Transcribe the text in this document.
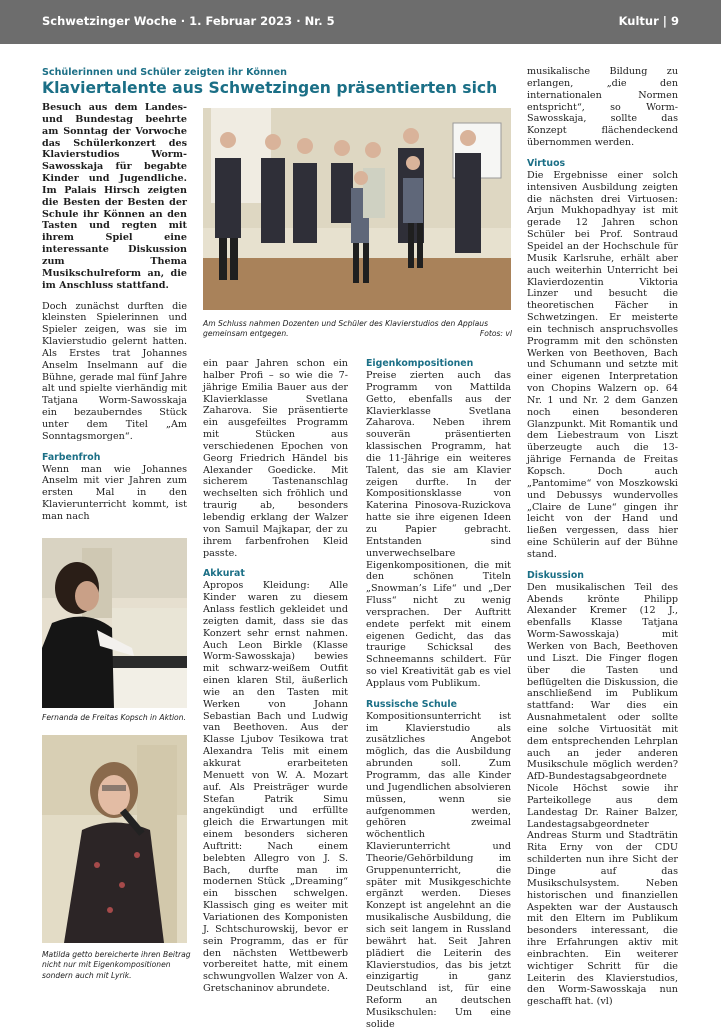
Schwetzinger Woche · 1. Februar 2023 · Nr. 5	Kultur | 9
Schülerinnen und Schüler zeigten ihr Können
Klaviertalente aus Schwetzingen präsentierten sich

Besuch aus dem Landes- und Bundestag beehrte am Sonntag der Vorwoche das Schülerkonzert des Klavierstudios Worm-Sawosskaja für begabte Kinder und Jugendliche. Im Palais Hirsch zeigten die Besten der Besten der Schule ihr Können an den Tasten und regten mit ihrem Spiel eine interessante Diskussion zum Thema Musikschulreform an, die im Anschluss stattfand.

Doch zunächst durften die kleinsten Spielerinnen und Spieler zeigen, was sie im Klavierstudio gelernt hatten. Als Erstes trat Johannes Anselm Inselmann auf die Bühne, gerade mal fünf Jahre alt und spielte vierhändig mit Tatjana Worm-Sawosskaja ein bezauberndes Stück unter dem Titel „Am Sonntagsmorgen“.

Farbenfroh

Wenn man wie Johannes Anselm mit vier Jahren zum ersten Mal in den Klavierunterricht kommt, ist man nach

Fernanda de Freitas Kopsch in Aktion.
Matilda getto bereicherte ihren Beitrag nicht nur mit Eigenkompositionen sondern auch mit Lyrik.
Am Schluss nahmen Dozenten und Schüler des Klavierstudios den Applaus gemeinsam entgegen.	Fotos: vl

ein paar Jahren schon ein halber Profi – so wie die 7-jährige Emilia Bauer aus der Klavierklasse Svetlana Zaharova. Sie präsentierte ein ausgefeiltes Programm mit Stücken aus verschiedenen Epochen von Georg Friedrich Händel bis Alexander Goedicke. Mit sicherem Tastenanschlag wechselten sich fröhlich und traurig ab, besonders lebendig erklang der Walzer von Samuil Majkapar, der zu ihrem farbenfrohen Kleid passte.

Akkurat

Apropos Kleidung: Alle Kinder waren zu diesem Anlass festlich gekleidet und zeigten damit, dass sie das Konzert sehr ernst nahmen. Auch Leon Birkle (Klasse Worm-Sawosskaja) bewies mit schwarz-weißem Outfit einen klaren Stil, äußerlich wie an den Tasten mit Werken von Johann Sebastian Bach und Ludwig van Beethoven. Aus der Klasse Ljubov Tesikowa trat Alexandra Telis mit einem akkurat erarbeiteten Menuett von W. A. Mozart auf. Als Preisträger wurde Stefan Patrik Simu angekündigt und erfüllte gleich die Erwartungen mit einem besonders sicheren Auftritt: Nach einem belebten Allegro von J. S. Bach, durfte man im modernen Stück „Dreaming“ ein bisschen schwelgen. Klassisch ging es weiter mit Variationen des Komponisten J. Schtschurowskij, bevor er sein Programm, das er für den nächsten Wettbewerb vorbereitet hatte, mit einem schwungvollen Walzer von A. Gretschaninov abrundete.

Eigenkompositionen

Preise zierten auch das Programm von Mattilda Getto, ebenfalls aus der Klavierklasse Svetlana Zaharova. Neben ihrem souverän präsentierten klassischen Programm, hat die 11-Jährige ein weiteres Talent, das sie am Klavier zeigen durfte. In der Kompositionsklasse von Katerina Pinosova-Ruzickova hatte sie ihre eigenen Ideen zu Papier gebracht. Entstanden sind unverwechselbare Eigenkompositionen, die mit den schönen Titeln „Snowman’s Life“ und „Der Fluss“ nicht zu wenig versprachen. Der Auftritt endete perfekt mit einem eigenen Gedicht, das das traurige Schicksal des Schneemanns schildert. Für so viel Kreativität gab es viel Applaus vom Publikum.

Russische Schule

Kompositionsunterricht ist im Klavierstudio als zusätzliches Angebot möglich, das die Ausbildung abrunden soll. Zum Programm, das alle Kinder und Jugendlichen absolvieren müssen, wenn sie aufgenommen werden, gehören zweimal wöchentlich Klavierunterricht und Theorie/Gehörbildung im Gruppenunterricht, die später mit Musikgeschichte ergänzt werden. Dieses Konzept ist angelehnt an die musikalische Ausbildung, die sich seit langem in Russland bewährt hat. Seit Jahren plädiert die Leiterin des Klavierstudios, das bis jetzt einzigartig in ganz Deutschland ist, für eine Reform an deutschen Musikschulen: Um eine solide

musikalische Bildung zu erlangen, „die den internationalen Normen entspricht“, so Worm-Sawosskaja, sollte das Konzept flächendeckend übernommen werden.

Virtuos

Die Ergebnisse einer solch intensiven Ausbildung zeigten die nächsten drei Virtuosen: Arjun Mukhopadhyay ist mit gerade 12 Jahren schon Schüler bei Prof. Sontraud Speidel an der Hochschule für Musik Karlsruhe, erhält aber auch weiterhin Unterricht bei Klavierdozentin Viktoria Linzer und besucht die theoretischen Fächer in Schwetzingen. Er meisterte ein technisch anspruchsvolles Programm mit den schönsten Werken von Beethoven, Bach und Schumann und setzte mit einer eigenen Interpretation von Chopins Walzern op. 64 Nr. 1 und Nr. 2 dem Ganzen noch einen besonderen Glanzpunkt. Mit Romantik und dem Liebestraum von Liszt überzeugte auch die 13-jährige Fernanda de Freitas Kopsch. Doch auch „Pantomime“ von Moszkowski und Debussys wundervolles „Claire de Lune“ gingen ihr leicht von der Hand und ließen vergessen, dass hier eine Schülerin auf der Bühne stand.

Diskussion

Den musikalischen Teil des Abends krönte Philipp Alexander Kremer (12 J., ebenfalls Klasse Tatjana Worm-Sawosskaja) mit Werken von Bach, Beethoven und Liszt. Die Finger flogen über die Tasten und beflügelten die Diskussion, die anschließend im Publikum stattfand: War dies ein Ausnahmetalent oder sollte eine solche Virtuosität mit dem entsprechenden Lehrplan auch an jeder anderen Musikschule möglich werden? AfD-Bundestagsabgeordnete Nicole Höchst sowie ihr Parteikollege aus dem Landestag Dr. Rainer Balzer, Landestagsabgeordneter Andreas Sturm und Stadträtin Rita Erny von der CDU schilderten nun ihre Sicht der Dinge auf das Musikschulsystem. Neben historischen und finanziellen Aspekten war der Austausch mit den Eltern im Publikum besonders interessant, die ihre Erfahrungen aktiv mit einbrachten. Ein weiterer wichtiger Schritt für die Leiterin des Klavierstudios, den Worm-Sawosskaja nun geschafft hat. (vl)
